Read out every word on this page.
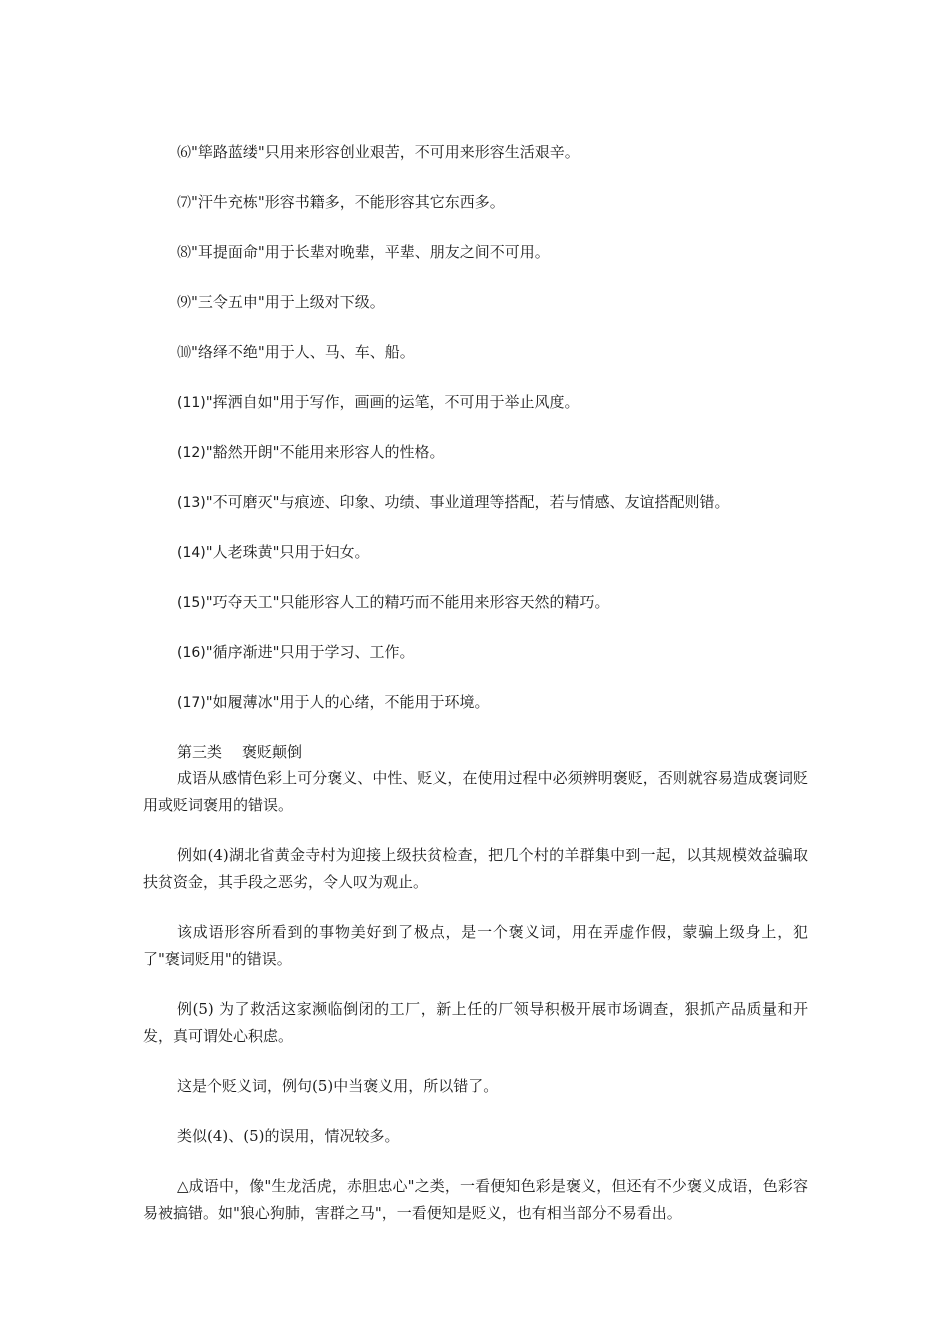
⑹"筚路蓝缕"只用来形容创业艰苦，不可用来形容生活艰辛。
⑺"汗牛充栋"形容书籍多，不能形容其它东西多。
⑻"耳提面命"用于长辈对晚辈，平辈、朋友之间不可用。
⑼"三令五申"用于上级对下级。
⑽"络绎不绝"用于人、马、车、船。
(11)"挥洒自如"用于写作，画画的运笔，不可用于举止风度。
(12)"豁然开朗"不能用来形容人的性格。
(13)"不可磨灭"与痕迹、印象、功绩、事业道理等搭配，若与情感、友谊搭配则错。
(14)"人老珠黄"只用于妇女。
(15)"巧夺天工"只能形容人工的精巧而不能用来形容天然的精巧。
(16)"循序渐进"只用于学习、工作。
(17)"如履薄冰"用于人的心绪，不能用于环境。
第三类 褒贬颠倒

成语从感情色彩上可分褒义、中性、贬义，在使用过程中必须辨明褒贬，否则就容易造成褒词贬用或贬词褒用的错误。

例如(4)湖北省黄金寺村为迎接上级扶贫检查，把几个村的羊群集中到一起，以其规模效益骗取扶贫资金，其手段之恶劣，令人叹为观止。

该成语形容所看到的事物美好到了极点，是一个褒义词，用在弄虚作假，蒙骗上级身上，犯了"褒词贬用"的错误。

例(5) 为了救活这家濒临倒闭的工厂，新上任的厂领导积极开展市场调查，狠抓产品质量和开发，真可谓处心积虑。

这是个贬义词，例句(5)中当褒义用，所以错了。

类似(4)、(5)的误用，情况较多。

△成语中，像"生龙活虎，赤胆忠心"之类，一看便知色彩是褒义，但还有不少褒义成语，色彩容易被搞错。如"狼心狗肺，害群之马"，一看便知是贬义，也有相当部分不易看出。
